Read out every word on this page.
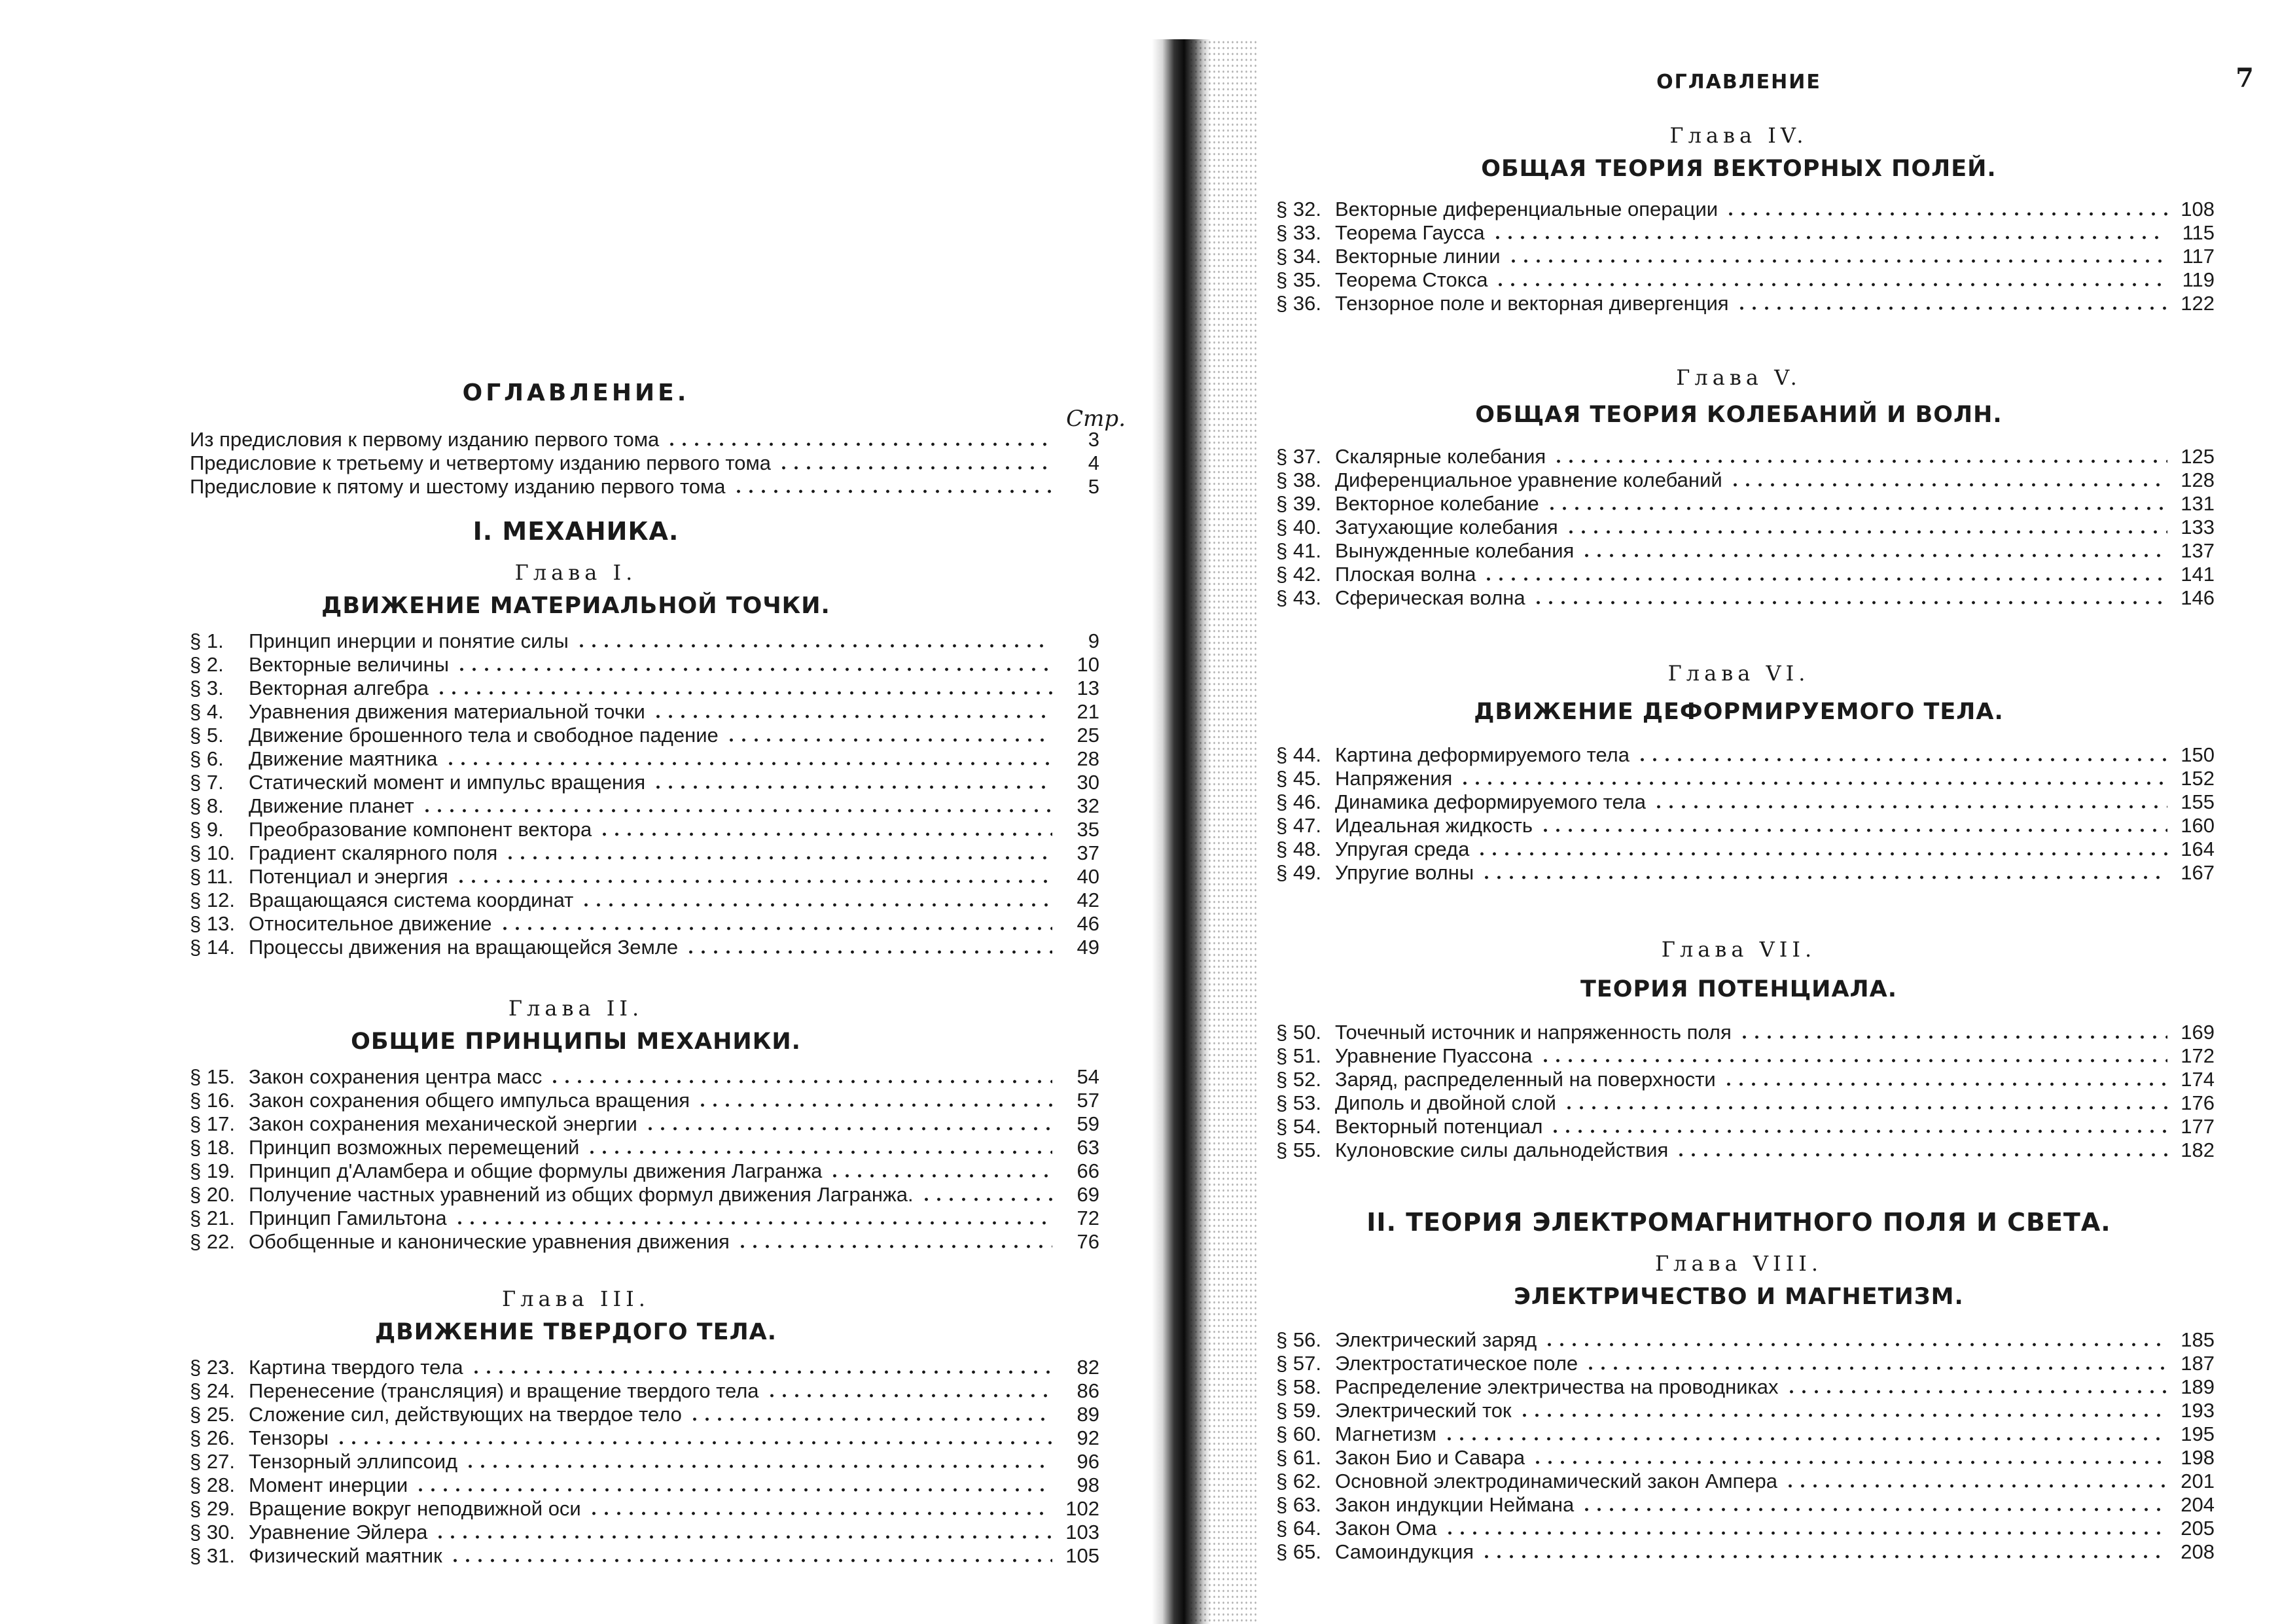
ОГЛАВЛЕНИЕ.
Стр.
Из предисловия к первому изданию первого тома	3
Предисловие к третьему и четвертому изданию первого тома	4
Предисловие к пятому и шестому изданию первого тома	5
I. МЕХАНИКА.
Глава I.
ДВИЖЕНИЕ МАТЕРИАЛЬНОЙ ТОЧКИ.
§ 1.	Принцип инерции и понятие силы	9
§ 2.	Векторные величины	10
§ 3.	Векторная алгебра	13
§ 4.	Уравнения движения материальной точки	21
§ 5.	Движение брошенного тела и свободное падение	25
§ 6.	Движение маятника	28
§ 7.	Статический момент и импульс вращения	30
§ 8.	Движение планет	32
§ 9.	Преобразование компонент вектора	35
§ 10. Градиент скалярного поля	37
§ 11. Потенциал и энергия	40
§ 12. Вращающаяся система координат	42
§ 13. Относительное движение	46
§ 14. Процессы движения на вращающейся Земле	49
Глава II.
ОБЩИЕ ПРИНЦИПЫ МЕХАНИКИ.
§ 15. Закон сохранения центра масс	54
§ 16. Закон сохранения общего импульса вращения	57
§ 17. Закон сохранения механической энергии	59
§ 18. Принцип возможных перемещений	63
§ 19. Принцип д'Аламбера и общие формулы движения Лагранжа	66
§ 20. Получение частных уравнений из общих формул движения Лагранжа.	69
§ 21. Принцип Гамильтона	72
§ 22. Обобщенные и канонические уравнения движения	76
Глава III.
ДВИЖЕНИЕ ТВЕРДОГО ТЕЛА.
§ 23. Картина твердого тела	82
§ 24. Перенесение (трансляция) и вращение твердого тела	86
§ 25. Сложение сил, действующих на твердое тело	89
§ 26. Тензоры	92
§ 27. Тензорный эллипсоид	96
§ 28. Момент инерции	98
§ 29. Вращение вокруг неподвижной оси	102
§ 30. Уравнение Эйлера	103
§ 31. Физический маятник	105
ОГЛАВЛЕНИЕ	7
Глава IV.
ОБЩАЯ ТЕОРИЯ ВЕКТОРНЫХ ПОЛЕЙ.
§ 32. Векторные диференциальные операции	108
§ 33. Теорема Гаусса	115
§ 34. Векторные линии	117
§ 35. Теорема Стокса	119
§ 36. Тензорное поле и векторная дивергенция	122
Глава V.
ОБЩАЯ ТЕОРИЯ КОЛЕБАНИЙ И ВОЛН.
§ 37. Скалярные колебания	125
§ 38. Диференциальное уравнение колебаний	128
§ 39. Векторное колебание	131
§ 40. Затухающие колебания	133
§ 41. Вынужденные колебания	137
§ 42. Плоская волна	141
§ 43. Сферическая волна	146
Глава VI.
ДВИЖЕНИЕ ДЕФОРМИРУЕМОГО ТЕЛА.
§ 44. Картина деформируемого тела	150
§ 45. Напряжения	152
§ 46. Динамика деформируемого тела	155
§ 47. Идеальная жидкость	160
§ 48. Упругая среда	164
§ 49. Упругие волны	167
Глава VII.
ТЕОРИЯ ПОТЕНЦИАЛА.
§ 50. Точечный источник и напряженность поля	169
§ 51. Уравнение Пуассона	172
§ 52. Заряд, распределенный на поверхности	174
§ 53. Диполь и двойной слой	176
§ 54. Векторный потенциал	177
§ 55. Кулоновские силы дальнодействия	182
II. ТЕОРИЯ ЭЛЕКТРОМАГНИТНОГО ПОЛЯ И СВЕТА.
Глава VIII.
ЭЛЕКТРИЧЕСТВО И МАГНЕТИЗМ.
§ 56. Электрический заряд	185
§ 57. Электростатическое поле	187
§ 58. Распределение электричества на проводниках	189
§ 59. Электрический ток	193
§ 60. Магнетизм	195
§ 61. Закон Био и Савара	198
§ 62. Основной электродинамический закон Ампера	201
§ 63. Закон индукции Неймана	204
§ 64. Закон Ома	205
§ 65. Самоиндукция	208
